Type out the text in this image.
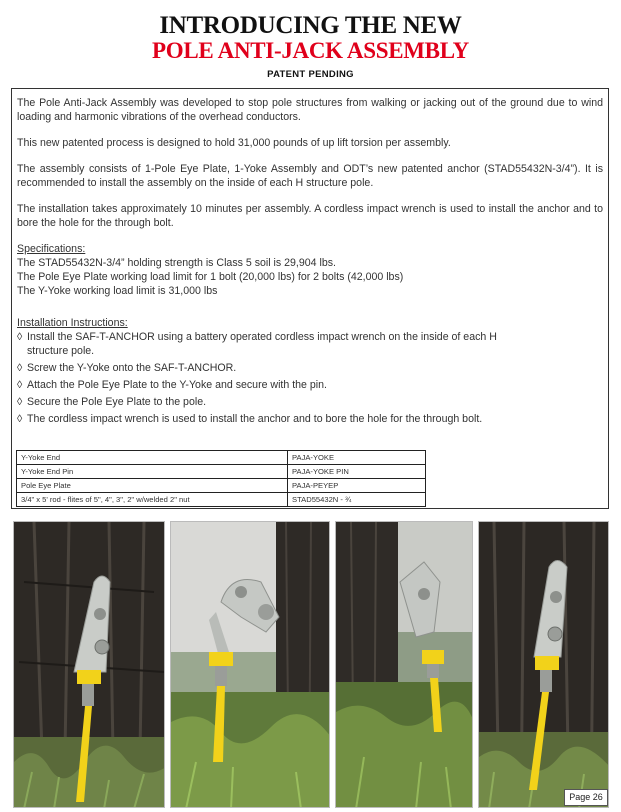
INTRODUCING THE NEW
POLE ANTI-JACK ASSEMBLY
PATENT PENDING

The Pole Anti-Jack Assembly was developed to stop pole structures from walking or jacking out of the ground due to wind loading and harmonic vibrations of the overhead conductors.

This new patented process is designed to hold 31,000 pounds of up lift torsion per assembly.

The assembly consists of 1-Pole Eye Plate, 1-Yoke Assembly and ODT’s new patented anchor (STAD55432N-3/4”). It is recommended to install the assembly on the inside of each H structure pole.

The installation takes approximately 10 minutes per assembly. A cordless impact wrench is used to install the anchor and to bore the hole for the through bolt.

Specifications:
The STAD55432N-3/4” holding strength is Class 5 soil is 29,904 lbs.
The Pole Eye Plate working load limit for 1 bolt (20,000 lbs) for 2 bolts (42,000 lbs)
The Y-Yoke working load limit is 31,000 lbs
Installation Instructions:
◊ Install the SAF-T-ANCHOR using a battery operated cordless impact wrench on the inside of each H structure pole.
◊ Screw the Y-Yoke onto the SAF-T-ANCHOR.
◊ Attach the Pole Eye Plate to the Y-Yoke and secure with the pin.
◊ Secure the Pole Eye Plate to the pole.
◊ The cordless impact wrench is used to install the anchor and to bore the hole for the through bolt.
Y-Yoke End	PAJA-YOKE
Y-Yoke End Pin	PAJA-YOKE PIN
Pole Eye Plate	PAJA-PEYEP
3/4” x 5' rod - flites of 5", 4", 3", 2" w/welded 2" nut	STAD55432N - ¾
Page 26
